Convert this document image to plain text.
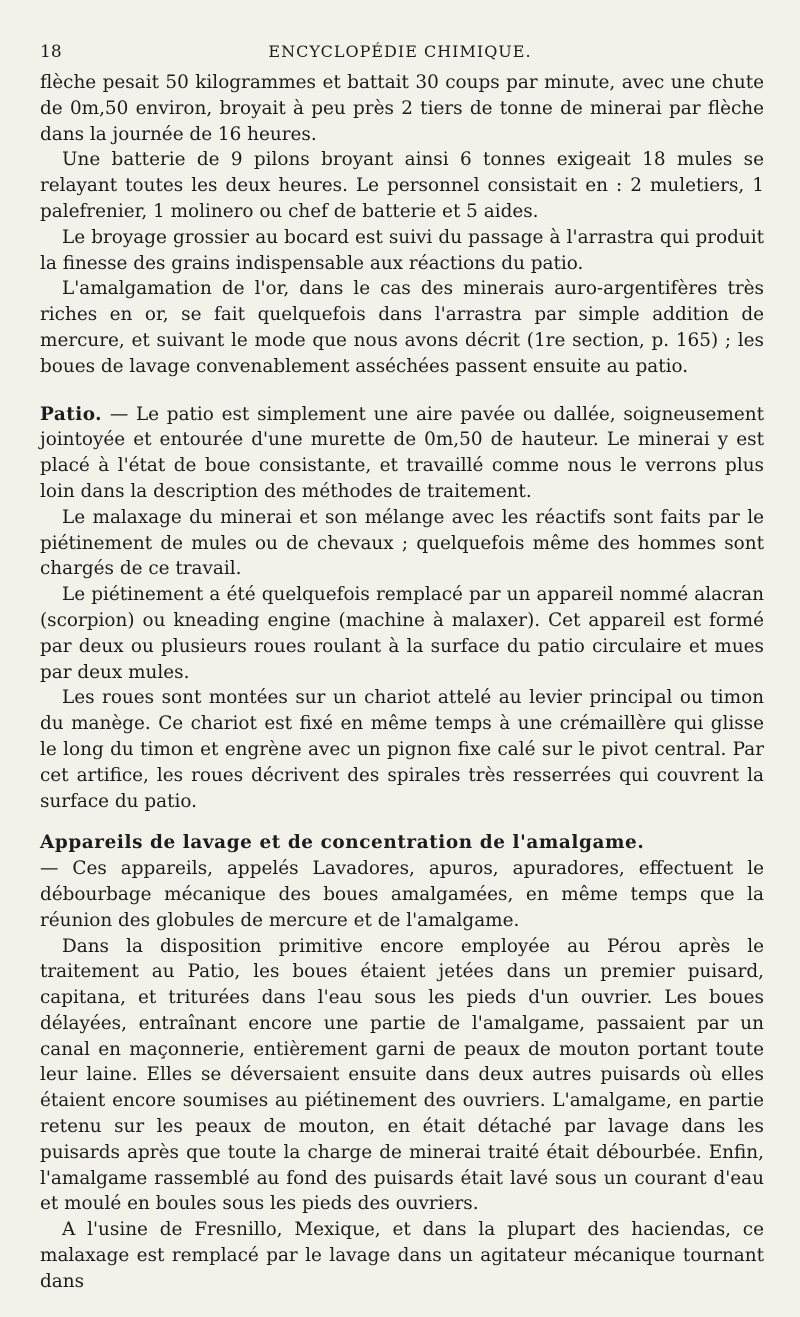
18	ENCYCLOPÉDIE CHIMIQUE.

flèche pesait 50 kilogrammes et battait 30 coups par minute, avec une chute de 0m,50 environ, broyait à peu près 2 tiers de tonne de minerai par flèche dans la journée de 16 heures.

Une batterie de 9 pilons broyant ainsi 6 tonnes exigeait 18 mules se relayant toutes les deux heures. Le personnel consistait en : 2 muletiers, 1 palefrenier, 1 molinero ou chef de batterie et 5 aides.

Le broyage grossier au bocard est suivi du passage à l'arrastra qui produit la finesse des grains indispensable aux réactions du patio.

L'amalgamation de l'or, dans le cas des minerais auro-argentifères très riches en or, se fait quelquefois dans l'arrastra par simple addition de mercure, et suivant le mode que nous avons décrit (1re section, p. 165) ; les boues de lavage convenablement asséchées passent ensuite au patio.

Patio. — Le patio est simplement une aire pavée ou dallée, soigneusement jointoyée et entourée d'une murette de 0m,50 de hauteur. Le minerai y est placé à l'état de boue consistante, et travaillé comme nous le verrons plus loin dans la description des méthodes de traitement.

Le malaxage du minerai et son mélange avec les réactifs sont faits par le piétinement de mules ou de chevaux ; quelquefois même des hommes sont chargés de ce travail.

Le piétinement a été quelquefois remplacé par un appareil nommé alacran (scorpion) ou kneading engine (machine à malaxer). Cet appareil est formé par deux ou plusieurs roues roulant à la surface du patio circulaire et mues par deux mules.

Les roues sont montées sur un chariot attelé au levier principal ou timon du manège. Ce chariot est fixé en même temps à une crémaillère qui glisse le long du timon et engrène avec un pignon fixe calé sur le pivot central. Par cet artifice, les roues décrivent des spirales très resserrées qui couvrent la surface du patio.

Appareils de lavage et de concentration de l'amalgame.
— Ces appareils, appelés Lavadores, apuros, apuradores, effectuent le débourbage mécanique des boues amalgamées, en même temps que la réunion des globules de mercure et de l'amalgame.

Dans la disposition primitive encore employée au Pérou après le traitement au Patio, les boues étaient jetées dans un premier puisard, capitana, et triturées dans l'eau sous les pieds d'un ouvrier. Les boues délayées, entraînant encore une partie de l'amalgame, passaient par un canal en maçonnerie, entièrement garni de peaux de mouton portant toute leur laine. Elles se déversaient ensuite dans deux autres puisards où elles étaient encore soumises au piétinement des ouvriers. L'amalgame, en partie retenu sur les peaux de mouton, en était détaché par lavage dans les puisards après que toute la charge de minerai traité était débourbée. Enfin, l'amalgame rassemblé au fond des puisards était lavé sous un courant d'eau et moulé en boules sous les pieds des ouvriers.

A l'usine de Fresnillo, Mexique, et dans la plupart des haciendas, ce malaxage est remplacé par le lavage dans un agitateur mécanique tournant dans
